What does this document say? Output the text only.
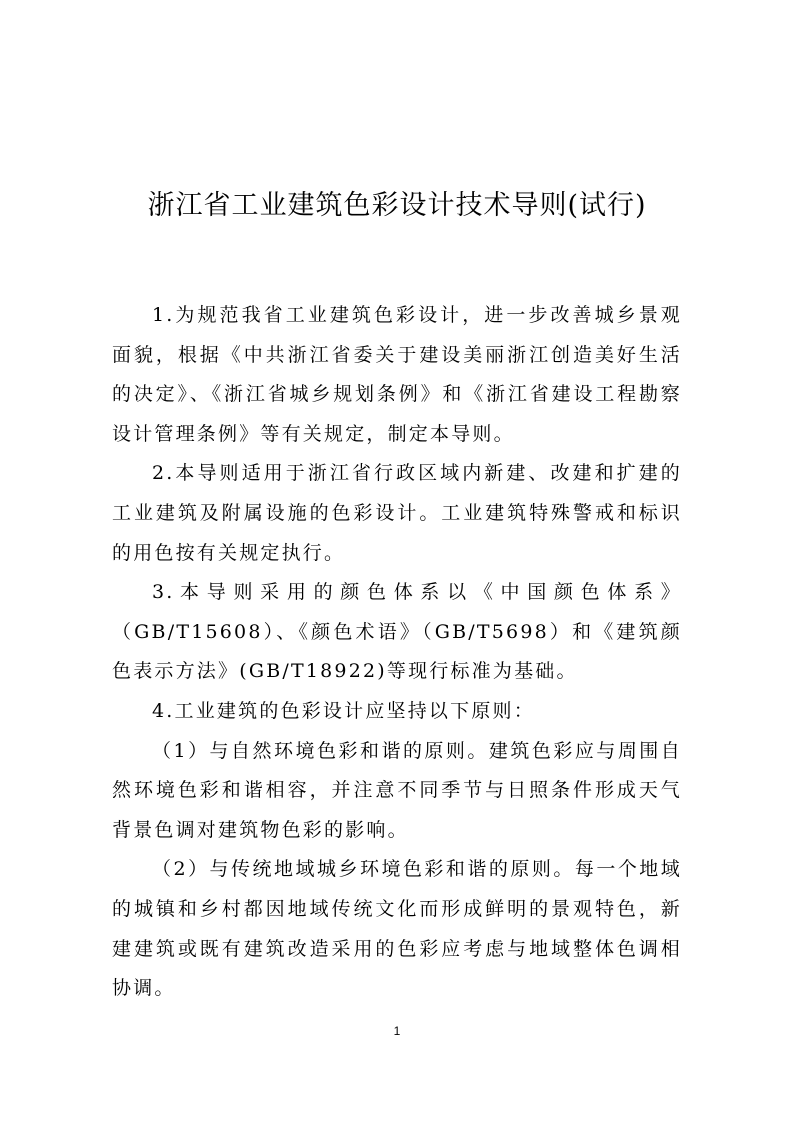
浙江省工业建筑色彩设计技术导则(试行)

1.为规范我省工业建筑色彩设计，进一步改善城乡景观面貌，根据《中共浙江省委关于建设美丽浙江创造美好生活的决定》、《浙江省城乡规划条例》和《浙江省建设工程勘察设计管理条例》等有关规定，制定本导则。

2.本导则适用于浙江省行政区域内新建、改建和扩建的工业建筑及附属设施的色彩设计。工业建筑特殊警戒和标识的用色按有关规定执行。

3.本导则采用的颜色体系以《中国颜色体系》（GB/T15608）、《颜色术语》（GB/T5698）和《建筑颜色表示方法》(GB/T18922)等现行标准为基础。

4.工业建筑的色彩设计应坚持以下原则：

（1）与自然环境色彩和谐的原则。建筑色彩应与周围自然环境色彩和谐相容，并注意不同季节与日照条件形成天气背景色调对建筑物色彩的影响。

（2）与传统地域城乡环境色彩和谐的原则。每一个地域的城镇和乡村都因地域传统文化而形成鲜明的景观特色，新建建筑或既有建筑改造采用的色彩应考虑与地域整体色调相协调。

1
